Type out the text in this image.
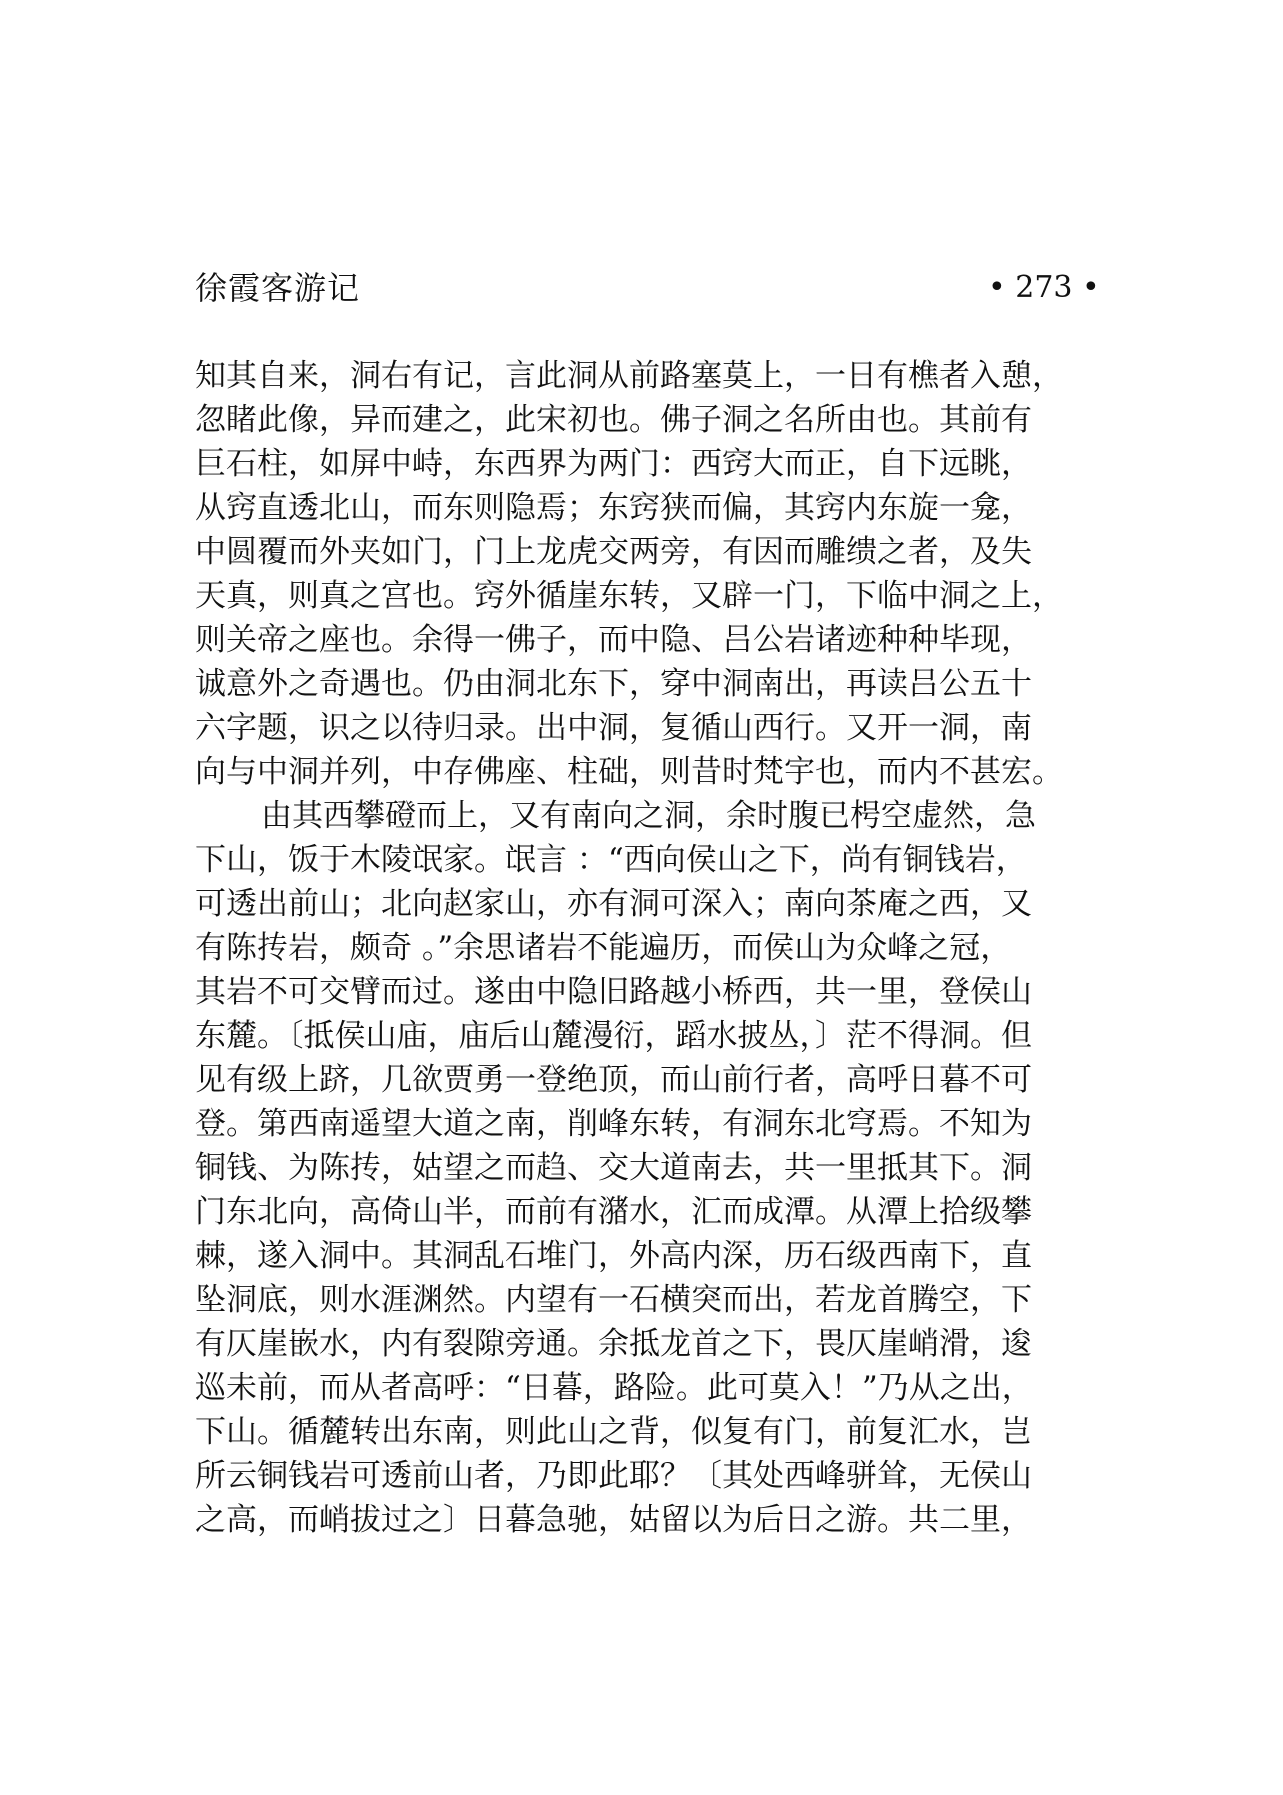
徐霞客游记	• 273 •
知其自来，洞右有记，言此洞从前路塞莫上，一日有樵者入憩，
忽睹此像，异而建之，此宋初也。佛子洞之名所由也。其前有
巨石柱，如屏中峙，东西界为两门：西窍大而正，自下远眺，
从窍直透北山，而东则隐焉；东窍狭而偏，其窍内东旋一龛，
中圆覆而外夹如门，门上龙虎交两旁，有因而雕缋之者，及失
天真，则真之宫也。窍外循崖东转，又辟一门，下临中洞之上，
则关帝之座也。余得一佛子，而中隐、吕公岩诸迹种种毕现，
诚意外之奇遇也。仍由洞北东下，穿中洞南出，再读吕公五十
六字题，识之以待归录。出中洞，复循山西行。又开一洞，南
向与中洞并列，中存佛座、柱础，则昔时梵宇也，而内不甚宏。
由其西攀磴而上，又有南向之洞，余时腹已枵空虚然，急
下山，饭于木陵氓家。氓言 ：“西向侯山之下，尚有铜钱岩，
可透出前山；北向赵家山，亦有洞可深入；南向茶庵之西，又
有陈抟岩，颇奇 。”余思诸岩不能遍历，而侯山为众峰之冠，
其岩不可交臂而过。遂由中隐旧路越小桥西，共一里，登侯山
东麓。〔抵侯山庙，庙后山麓漫衍，蹈水披丛，〕茫不得洞。但
见有级上跻，几欲贾勇一登绝顶，而山前行者，高呼日暮不可
登。第西南遥望大道之南，削峰东转，有洞东北穹焉。不知为
铜钱、为陈抟，姑望之而趋、交大道南去，共一里抵其下。洞
门东北向，高倚山半，而前有潴水，汇而成潭。从潭上拾级攀
棘，遂入洞中。其洞乱石堆门，外高内深，历石级西南下，直
坠洞底，则水涯渊然。内望有一石横突而出，若龙首腾空，下
有仄崖嵌水，内有裂隙旁通。余抵龙首之下，畏仄崖峭滑，逡
巡未前，而从者高呼：“日暮，路险。此可莫入！”乃从之出，
下山。循麓转出东南，则此山之背，似复有门，前复汇水，岂
所云铜钱岩可透前山者，乃即此耶？〔其处西峰骈耸，无侯山
之高，而峭拔过之〕日暮急驰，姑留以为后日之游。共二里，
